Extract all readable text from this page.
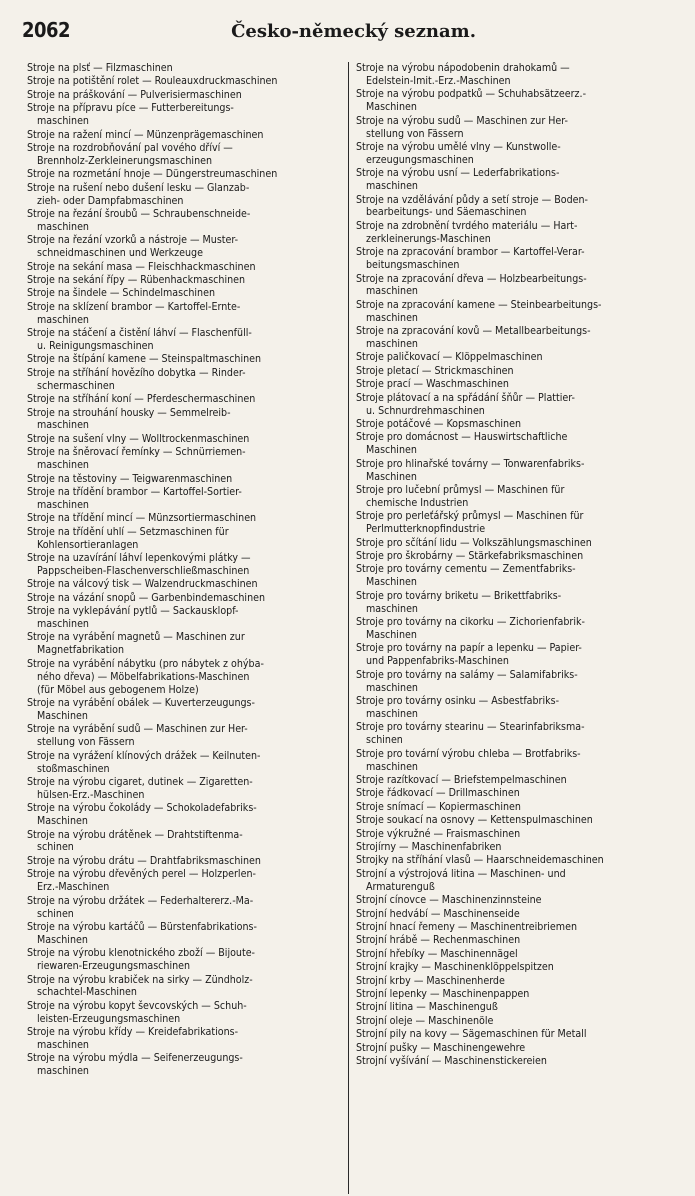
2062	Česko-německý seznam.
Stroje na plsť — Filzmaschinen
Stroje na potištění rolet — Rouleauxdruckmaschinen
Stroje na práškování — Pulverisiermaschinen
Stroje na přípravu píce — Futterbereitungs-
maschinen
Stroje na ražení mincí — Münzenprägemaschinen
Stroje na rozdrobňování pal vového dříví —
Brennholz-Zerkleinerungsmaschinen
Stroje na rozmetání hnoje — Düngerstreumaschinen
Stroje na rušení nebo dušení lesku — Glanzab-
zieh- oder Dampfabmaschinen
Stroje na řezání šroubů — Schraubenschneide-
maschinen
Stroje na řezání vzorků a nástroje — Muster-
schneidmaschinen und Werkzeuge
Stroje na sekání masa — Fleischhackmaschinen
Stroje na sekání řípy — Rübenhackmaschinen
Stroje na šindele — Schindelmaschinen
Stroje na sklízení brambor — Kartoffel-Ernte-
maschinen
Stroje na stáčení a čistění láhví — Flaschenfüll-
u. Reinigungsmaschinen
Stroje na štípání kamene — Steinspaltmaschinen
Stroje na stříhání hovězího dobytka — Rinder-
schermaschinen
Stroje na stříhání koní — Pferdeschermaschinen
Stroje na strouhání housky — Semmelreib-
maschinen
Stroje na sušení vlny — Wolltrockenmaschinen
Stroje na šněrovací řemínky — Schnürriemen-
maschinen
Stroje na těstoviny — Teigwarenmaschinen
Stroje na třídění brambor — Kartoffel-Sortier-
maschinen
Stroje na třídění mincí — Münzsortiermaschinen
Stroje na třídění uhlí — Setzmaschinen für
Kohlensortieranlagen
Stroje na uzavírání láhví lepenkovými plátky —
Pappscheiben-Flaschenverschließmaschinen
Stroje na válcový tisk — Walzendruckmaschinen
Stroje na vázání snopů — Garbenbindemaschinen
Stroje na vyklepávání pytlů — Sackausklopf-
maschinen
Stroje na vyrábění magnetů — Maschinen zur
Magnetfabrikation
Stroje na vyrábění nábytku (pro nábytek z ohýba-
ného dřeva) — Möbelfabrikations-Maschinen
(für Möbel aus gebogenem Holze)
Stroje na vyrábění obálek — Kuverterzeugungs-
Maschinen
Stroje na vyrábění sudů — Maschinen zur Her-
stellung von Fässern
Stroje na vyrážení klínových drážek — Keilnuten-
stoßmaschinen
Stroje na výrobu cigaret, dutinek — Zigaretten-
hülsen-Erz.-Maschinen
Stroje na výrobu čokolády — Schokoladefabriks-
Maschinen
Stroje na výrobu drátěnek — Drahtstiftenma-
schinen
Stroje na výrobu drátu — Drahtfabriksmaschinen
Stroje na výrobu dřevěných perel — Holzperlen-
Erz.-Maschinen
Stroje na výrobu držátek — Federhaltererz.-Ma-
schinen
Stroje na výrobu kartáčů — Bürstenfabrikations-
Maschinen
Stroje na výrobu klenotnického zboží — Bijoute-
riewaren-Erzeugungsmaschinen
Stroje na výrobu krabiček na sirky — Zündholz-
schachtel-Maschinen
Stroje na výrobu kopyt ševcovských — Schuh-
leisten-Erzeugungsmaschinen
Stroje na výrobu křídy — Kreidefabrikations-
maschinen
Stroje na výrobu mýdla — Seifenerzeugungs-
maschinen
Stroje na výrobu nápodobenin drahokamů —
Edelstein-Imit.-Erz.-Maschinen
Stroje na výrobu podpatků — Schuhabsätzeerz.-
Maschinen
Stroje na výrobu sudů — Maschinen zur Her-
stellung von Fässern
Stroje na výrobu umělé vlny — Kunstwolle-
erzeugungsmaschinen
Stroje na výrobu usní — Lederfabrikations-
maschinen
Stroje na vzdělávání půdy a setí stroje — Boden-
bearbeitungs- und Säemaschinen
Stroje na zdrobnění tvrdého materiálu — Hart-
zerkleinerungs-Maschinen
Stroje na zpracování brambor — Kartoffel-Verar-
beitungsmaschinen
Stroje na zpracování dřeva — Holzbearbeitungs-
maschinen
Stroje na zpracování kamene — Steinbearbeitungs-
maschinen
Stroje na zpracování kovů — Metallbearbeitungs-
maschinen
Stroje paličkovací — Klöppelmaschinen
Stroje pletací — Strickmaschinen
Stroje prací — Waschmaschinen
Stroje plátovací a na spřádání šňůr — Plattier-
u. Schnurdrehmaschinen
Stroje potáčové — Kopsmaschinen
Stroje pro domácnost — Hauswirtschaftliche
Maschinen
Stroje pro hlinařské továrny — Tonwarenfabriks-
Maschinen
Stroje pro lučební průmysl — Maschinen für
chemische Industrien
Stroje pro perleťářský průmysl — Maschinen für
Perlmutterknopfindustrie
Stroje pro sčítání lidu — Volkszählungsmaschinen
Stroje pro škrobárny — Stärkefabriksmaschinen
Stroje pro továrny cementu — Zementfabriks-
Maschinen
Stroje pro továrny briketu — Brikettfabriks-
maschinen
Stroje pro továrny na cikorku — Zichorienfabrik-
Maschinen
Stroje pro továrny na papír a lepenku — Papier-
und Pappenfabriks-Maschinen
Stroje pro továrny na salámy — Salamifabriks-
maschinen
Stroje pro továrny osinku — Asbestfabriks-
maschinen
Stroje pro továrny stearinu — Stearinfabriksma-
schinen
Stroje pro tovární výrobu chleba — Brotfabriks-
maschinen
Stroje razítkovací — Briefstempelmaschinen
Stroje řádkovací — Drillmaschinen
Stroje snímací — Kopiermaschinen
Stroje soukací na osnovy — Kettenspulmaschinen
Stroje výkružné — Fraismaschinen
Strojírny — Maschinenfabriken
Strojky na stříhání vlasů — Haarschneidemaschinen
Strojní a výstrojová litina — Maschinen- und
Armaturenguß
Strojní cínovce — Maschinenzinnsteine
Strojní hedvábí — Maschinenseide
Strojní hnací řemeny — Maschinentreibriemen
Strojní hrábě — Rechenmaschinen
Strojní hřebíky — Maschinennägel
Strojní krajky — Maschinenklöppelspitzen
Strojní krby — Maschinenherde
Strojní lepenky — Maschinenpappen
Strojní litina — Maschinenguß
Strojní oleje — Maschinenöle
Strojní pily na kovy — Sägemaschinen für Metall
Strojní pušky — Maschinengewehre
Strojní vyšívání — Maschinenstickereien
